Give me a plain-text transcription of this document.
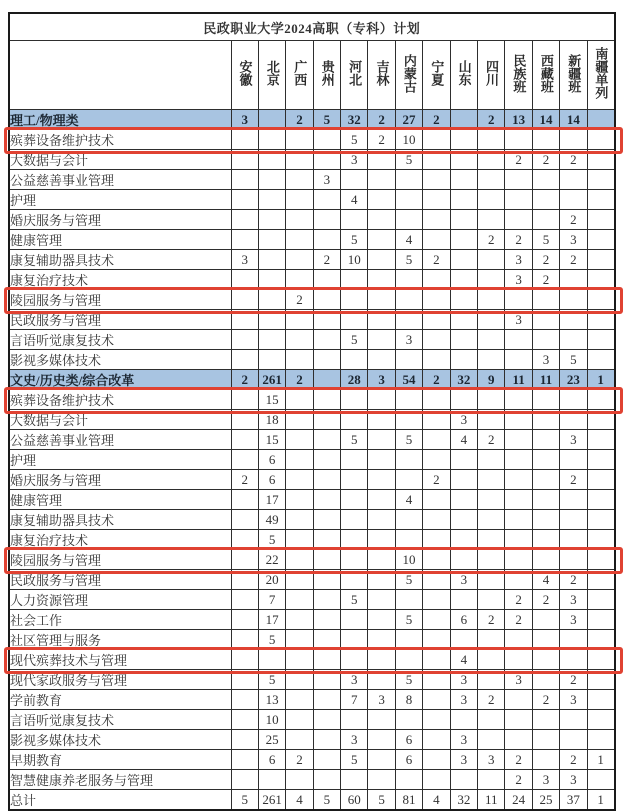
民政职业大学2024高职（专科）计划														
	安徽	北京	广西	贵州	河北	吉林	内蒙古	宁夏	山东	四川	民族班	西藏班	新疆班	南疆单列
理工/物理类	3		2	5	32	2	27	2		2	13	14	14	
殡葬设备维护技术					5	2	10							
大数据与会计					3		5				2	2	2	
公益慈善事业管理				3										
护理					4									
婚庆服务与管理													2	
健康管理					5		4			2	2	5	3	
康复辅助器具技术	3			2	10		5	2			3	2	2	
康复治疗技术											3	2		
陵园服务与管理			2											
民政服务与管理											3			
言语听觉康复技术					5		3							
影视多媒体技术												3	5	
文史/历史类/综合改革	2	261	2		28	3	54	2	32	9	11	11	23	1
殡葬设备维护技术		15												
大数据与会计		18							3					
公益慈善事业管理		15			5		5		4	2			3	
护理		6												
婚庆服务与管理	2	6						2					2	
健康管理		17					4							
康复辅助器具技术		49												
康复治疗技术		5												
陵园服务与管理		22					10							
民政服务与管理		20					5		3			4	2	
人力资源管理		7			5						2	2	3	
社会工作		17					5		6	2	2		3	
社区管理与服务		5												
现代殡葬技术与管理									4					
现代家政服务与管理		5			3		5		3		3		2	
学前教育		13			7	3	8		3	2		2	3	
言语听觉康复技术		10												
影视多媒体技术		25			3		6		3					
早期教育		6	2		5		6		3	3	2		2	1
智慧健康养老服务与管理											2	3	3	
总计	5	261	4	5	60	5	81	4	32	11	24	25	37	1
